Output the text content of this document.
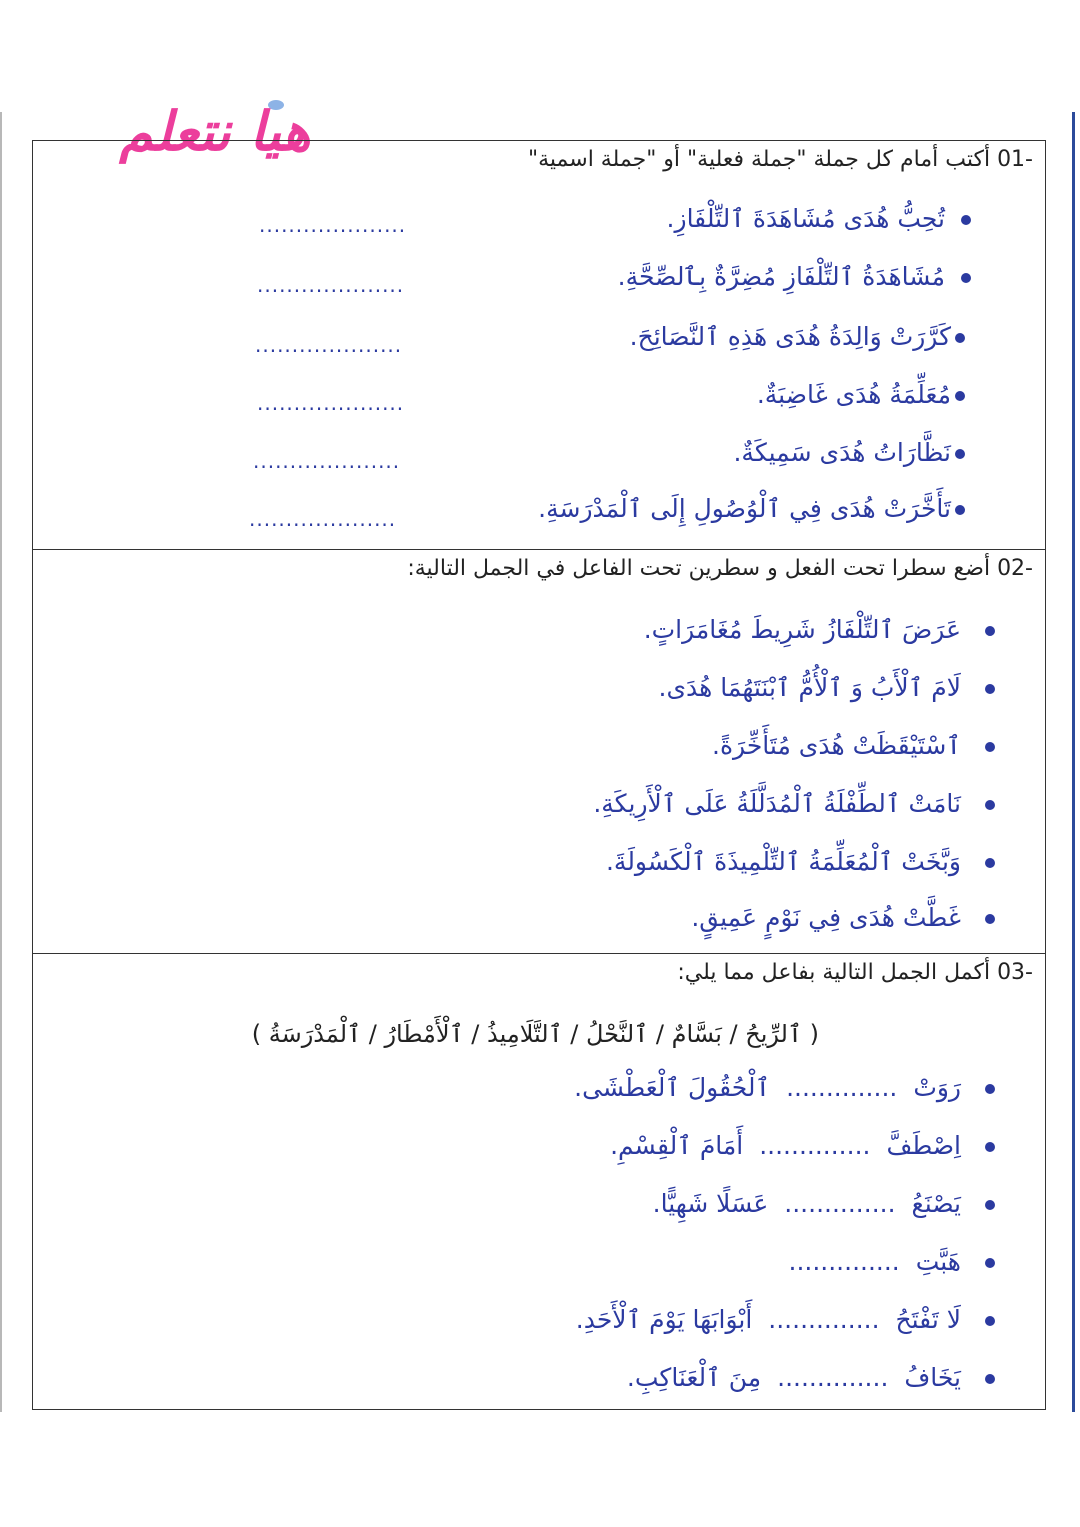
هيا نتعلم	01- أكتب أمام كل جملة "جملة فعلية" أو "جملة اسمية"
تُحِبُّ هُدَى مُشَاهَدَةَ ٱلتِّلْفَازِ.
....................
مُشَاهَدَةُ ٱلتِّلْفَازِ مُضِرَّةٌ بِٱلصِّحَّةِ.
....................
كَرَّرَتْ وَالِدَةُ هُدَى هَذِهِ ٱلنَّصَائِحَ.
....................
مُعَلِّمَةُ هُدَى غَاضِبَةٌ.
....................
نَظَّارَاتُ هُدَى سَمِيكَةٌ.
....................
تَأَخَّرَتْ هُدَى فِي ٱلْوُصُولِ إِلَى ٱلْمَدْرَسَةِ.
....................
02- أضع سطرا تحت الفعل و سطرين تحت الفاعل في الجمل التالية:
عَرَضَ ٱلتِّلْفَازُ شَرِيطَ مُغَامَرَاتٍ.
لَامَ ٱلْأَبُ وَ ٱلْأُمُّ ٱبْنَتَهُمَا هُدَى.
ٱسْتَيْقَظَتْ هُدَى مُتَأَخِّرَةً.
نَامَتْ ٱلطِّفْلَةُ ٱلْمُدَلَّلَةُ عَلَى ٱلْأَرِيكَةِ.
وَبَّخَتْ ٱلْمُعَلِّمَةُ ٱلتِّلْمِيذَةَ ٱلْكَسُولَةَ.
غَطَّتْ هُدَى فِي نَوْمٍ عَمِيقٍ.
03- أكمل الجمل التالية بفاعل مما يلي:
( ٱلرِّيحُ / بَسَّامٌ / ٱلنَّحْلُ / ٱلتَّلَامِيذُ / ٱلْأَمْطَارُ / ٱلْمَدْرَسَةُ )
رَوَتْ .............. ٱلْحُقُولَ ٱلْعَطْشَى.
اِصْطَفَّ .............. أَمَامَ ٱلْقِسْمِ.
يَصْنَعُ .............. عَسَلًا شَهِيًّا.
هَبَّتِ ..............
لَا تَفْتَحُ .............. أَبْوَابَهَا يَوْمَ ٱلْأَحَدِ.
يَخَافُ .............. مِنَ ٱلْعَنَاكِبِ.
